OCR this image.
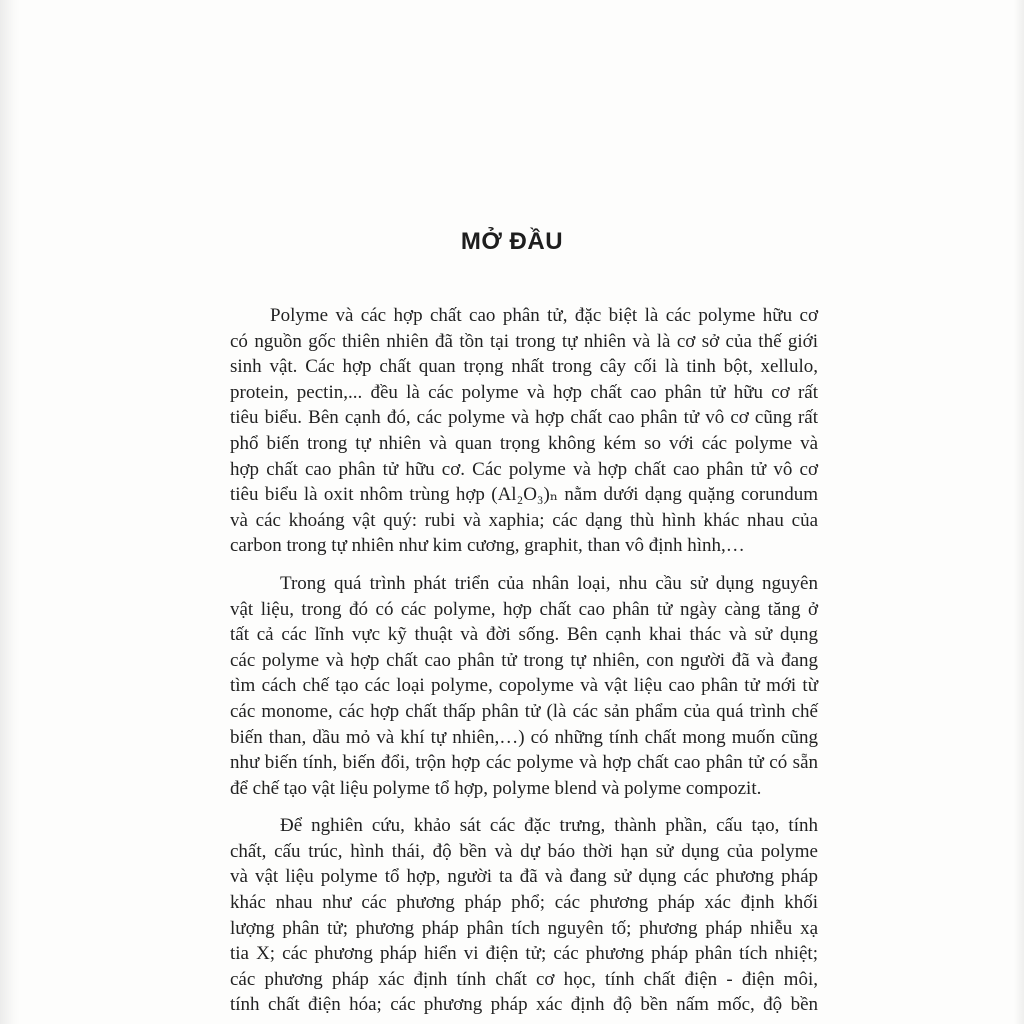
MỞ ĐẦU
Polyme và các hợp chất cao phân tử, đặc biệt là các polyme hữu cơ
có nguồn gốc thiên nhiên đã tồn tại trong tự nhiên và là cơ sở của thế giới
sinh vật. Các hợp chất quan trọng nhất trong cây cối là tinh bột, xellulo,
protein, pectin,... đều là các polyme và hợp chất cao phân tử hữu cơ rất
tiêu biểu. Bên cạnh đó, các polyme và hợp chất cao phân tử vô cơ cũng rất
phổ biến trong tự nhiên và quan trọng không kém so với các polyme và
hợp chất cao phân tử hữu cơ. Các polyme và hợp chất cao phân tử vô cơ
tiêu biểu là oxit nhôm trùng hợp (Al₂O₃)ₙ nằm dưới dạng quặng corundum
và các khoáng vật quý: rubi và xaphia; các dạng thù hình khác nhau của
carbon trong tự nhiên như kim cương, graphit, than vô định hình,…
Trong quá trình phát triển của nhân loại, nhu cầu sử dụng nguyên
vật liệu, trong đó có các polyme, hợp chất cao phân tử ngày càng tăng ở
tất cả các lĩnh vực kỹ thuật và đời sống. Bên cạnh khai thác và sử dụng
các polyme và hợp chất cao phân tử trong tự nhiên, con người đã và đang
tìm cách chế tạo các loại polyme, copolyme và vật liệu cao phân tử mới từ
các monome, các hợp chất thấp phân tử (là các sản phẩm của quá trình chế
biến than, dầu mỏ và khí tự nhiên,…) có những tính chất mong muốn cũng
như biến tính, biến đổi, trộn hợp các polyme và hợp chất cao phân tử có sẵn
để chế tạo vật liệu polyme tổ hợp, polyme blend và polyme compozit.
Để nghiên cứu, khảo sát các đặc trưng, thành phần, cấu tạo, tính
chất, cấu trúc, hình thái, độ bền và dự báo thời hạn sử dụng của polyme
và vật liệu polyme tổ hợp, người ta đã và đang sử dụng các phương pháp
khác nhau như các phương pháp phổ; các phương pháp xác định khối
lượng phân tử; phương pháp phân tích nguyên tố; phương pháp nhiễu xạ
tia X; các phương pháp hiển vi điện tử; các phương pháp phân tích nhiệt;
các phương pháp xác định tính chất cơ học, tính chất điện - điện môi,
tính chất điện hóa; các phương pháp xác định độ bền nấm mốc, độ bền
